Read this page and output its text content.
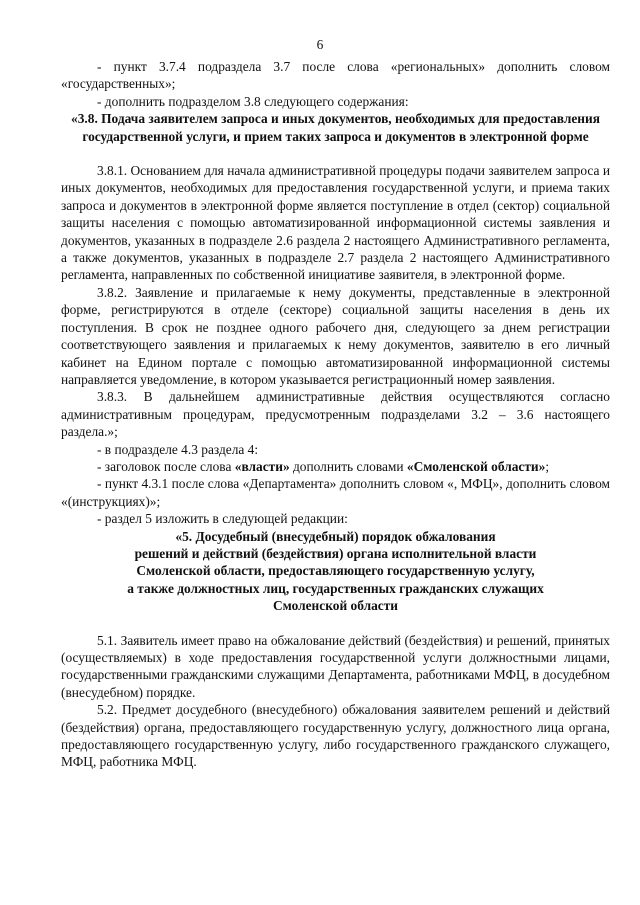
6

- пункт 3.7.4 подраздела 3.7 после слова «региональных» дополнить словом «государственных»;

- дополнить подразделом 3.8 следующего содержания:

«3.8. Подача заявителем запроса и иных документов, необходимых для предоставления государственной услуги, и прием таких запроса и документов в электронной форме

3.8.1. Основанием для начала административной процедуры подачи заявителем запроса и иных документов, необходимых для предоставления государственной услуги, и приема таких запроса и документов в электронной форме является поступление в отдел (сектор) социальной защиты населения с помощью автоматизированной информационной системы заявления и документов, указанных в подразделе 2.6 раздела 2 настоящего Административного регламента, а также документов, указанных в подразделе 2.7 раздела 2 настоящего Административного регламента, направленных по собственной инициативе заявителя, в электронной форме.

3.8.2. Заявление и прилагаемые к нему документы, представленные в электронной форме, регистрируются в отделе (секторе) социальной защиты населения в день их поступления. В срок не позднее одного рабочего дня, следующего за днем регистрации соответствующего заявления и прилагаемых к нему документов, заявителю в его личный кабинет на Едином портале с помощью автоматизированной информационной системы направляется уведомление, в котором указывается регистрационный номер заявления.

3.8.3. В дальнейшем административные действия осуществляются согласно административным процедурам, предусмотренным подразделами 3.2 – 3.6 настоящего раздела.»;

- в подразделе 4.3 раздела 4:

- заголовок после слова «власти» дополнить словами «Смоленской области»;

- пункт 4.3.1 после слова «Департамента» дополнить словом «, МФЦ», дополнить словом «(инструкциях)»;

- раздел 5 изложить в следующей редакции:

«5. Досудебный (внесудебный) порядок обжалования

решений и действий (бездействия) органа исполнительной власти

Смоленской области, предоставляющего государственную услугу,

а также должностных лиц, государственных гражданских служащих

Смоленской области

5.1. Заявитель имеет право на обжалование действий (бездействия) и решений, принятых (осуществляемых) в ходе предоставления государственной услуги должностными лицами, государственными гражданскими служащими Департамента, работниками МФЦ, в досудебном (внесудебном) порядке.

5.2. Предмет досудебного (внесудебного) обжалования заявителем решений и действий (бездействия) органа, предоставляющего государственную услугу, должностного лица органа, предоставляющего государственную услугу, либо государственного гражданского служащего, МФЦ, работника МФЦ.
